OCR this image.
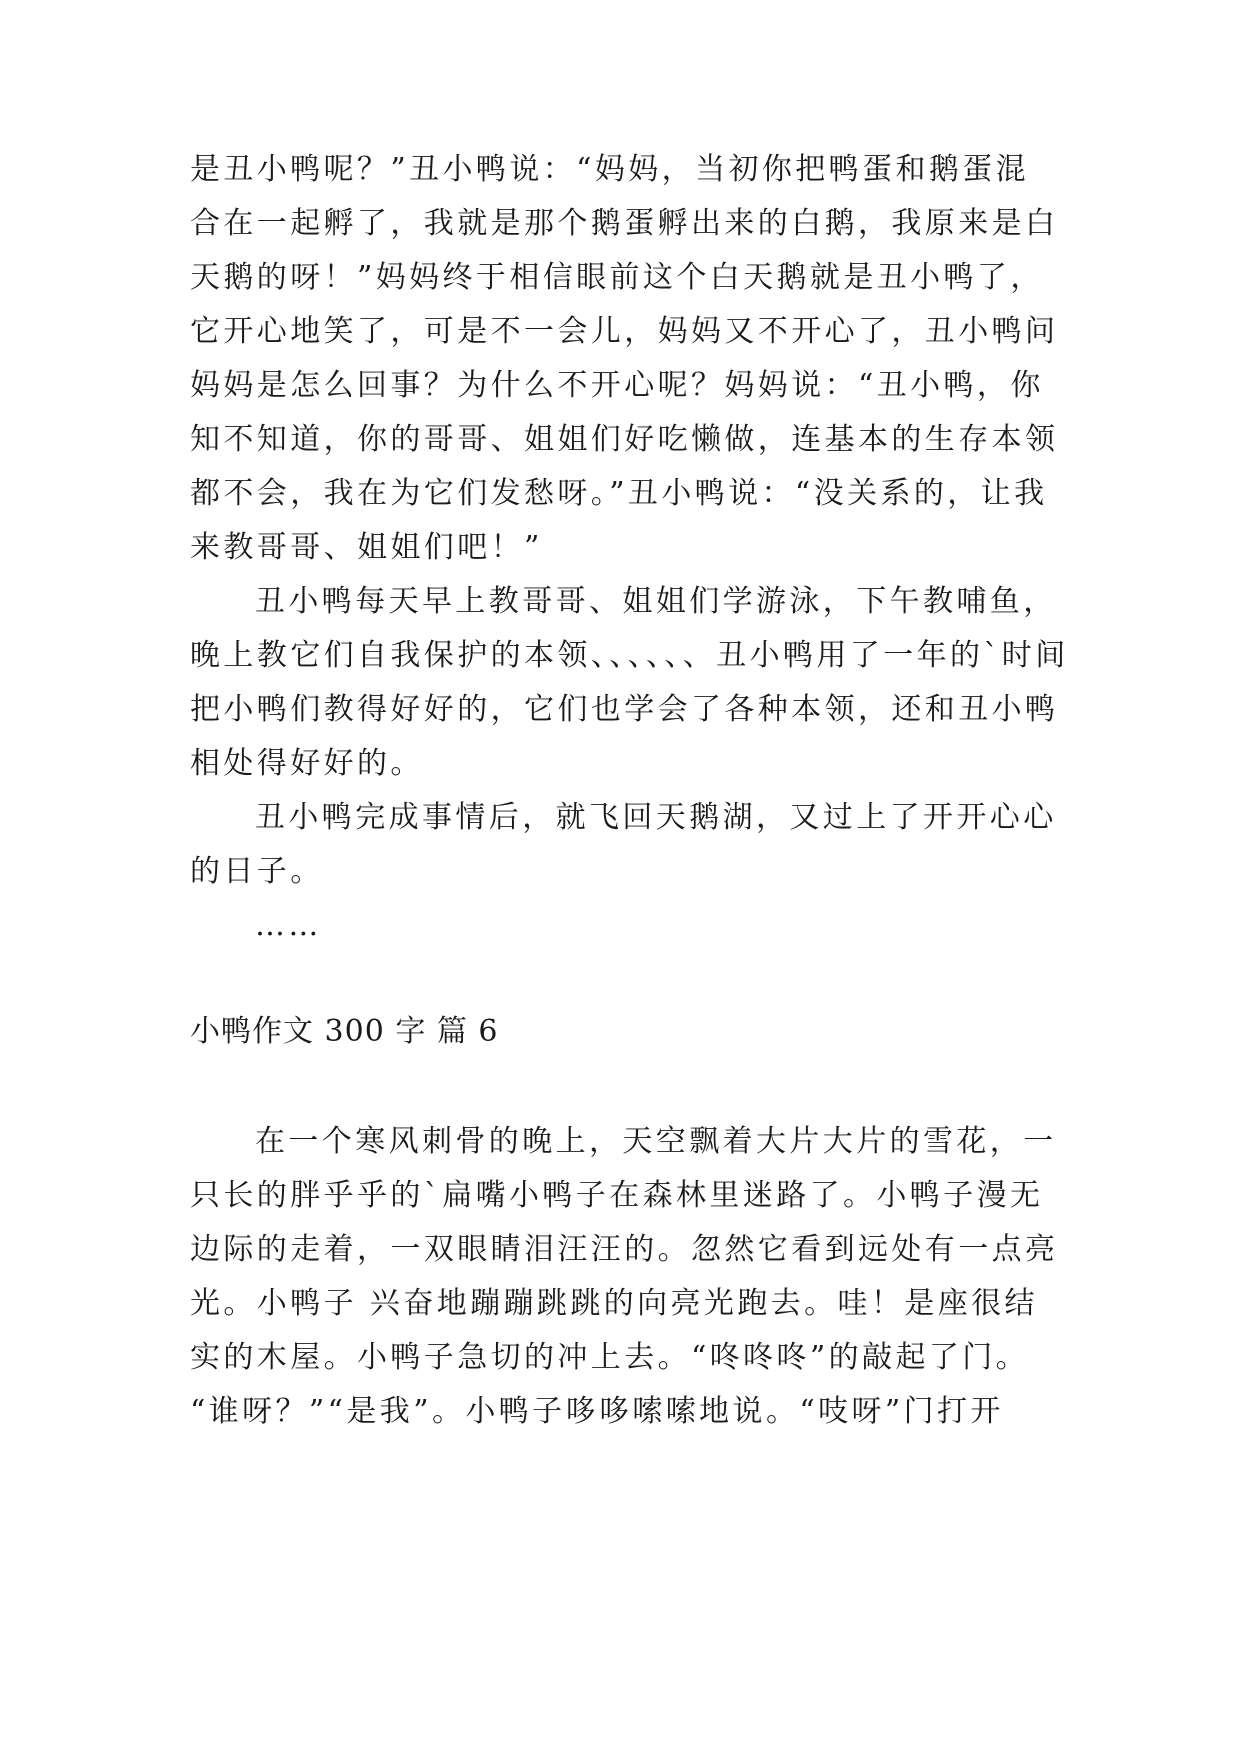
是丑小鸭呢？”丑小鸭说：“妈妈，当初你把鸭蛋和鹅蛋混
合在一起孵了，我就是那个鹅蛋孵出来的白鹅，我原来是白
天鹅的呀！”妈妈终于相信眼前这个白天鹅就是丑小鸭了，
它开心地笑了，可是不一会儿，妈妈又不开心了，丑小鸭问
妈妈是怎么回事？为什么不开心呢？妈妈说：“丑小鸭，你
知不知道，你的哥哥、姐姐们好吃懒做，连基本的生存本领
都不会，我在为它们发愁呀。”丑小鸭说：“没关系的，让我
来教哥哥、姐姐们吧！”
丑小鸭每天早上教哥哥、姐姐们学游泳，下午教哺鱼，
晚上教它们自我保护的本领、、、、、、丑小鸭用了一年的`时间
把小鸭们教得好好的，它们也学会了各种本领，还和丑小鸭
相处得好好的。
丑小鸭完成事情后，就飞回天鹅湖，又过上了开开心心
的日子。
……
小鸭作文 300 字 篇 6
在一个寒风刺骨的晚上，天空飘着大片大片的雪花，一
只长的胖乎乎的`扁嘴小鸭子在森林里迷路了。小鸭子漫无
边际的走着，一双眼睛泪汪汪的。忽然它看到远处有一点亮
光。小鸭子 兴奋地蹦蹦跳跳的向亮光跑去。哇！是座很结
实的木屋。小鸭子急切的冲上去。“咚咚咚”的敲起了门。
“谁呀？”“是我”。小鸭子哆哆嗦嗦地说。“吱呀”门打开
